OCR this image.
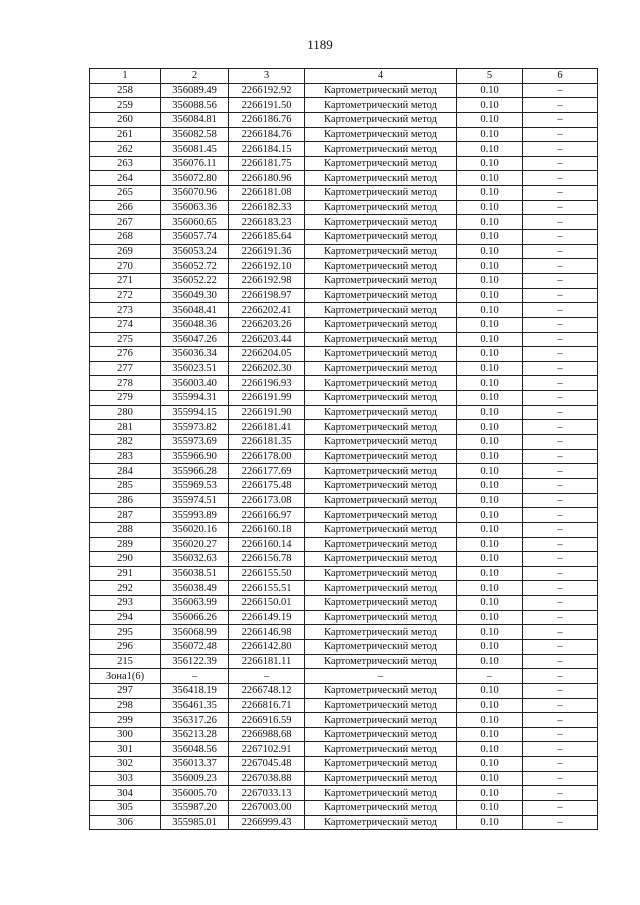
1189
1	2	3	4	5	6
258	356089.49	2266192.92	Картометрический метод	0.10	–
259	356088.56	2266191.50	Картометрический метод	0.10	–
260	356084.81	2266186.76	Картометрический метод	0.10	–
261	356082.58	2266184.76	Картометрический метод	0.10	–
262	356081.45	2266184.15	Картометрический метод	0.10	–
263	356076.11	2266181.75	Картометрический метод	0.10	–
264	356072.80	2266180.96	Картометрический метод	0.10	–
265	356070.96	2266181.08	Картометрический метод	0.10	–
266	356063.36	2266182.33	Картометрический метод	0.10	–
267	356060.65	2266183.23	Картометрический метод	0.10	–
268	356057.74	2266185.64	Картометрический метод	0.10	–
269	356053.24	2266191.36	Картометрический метод	0.10	–
270	356052.72	2266192.10	Картометрический метод	0.10	–
271	356052.22	2266192.98	Картометрический метод	0.10	–
272	356049.30	2266198.97	Картометрический метод	0.10	–
273	356048.41	2266202.41	Картометрический метод	0.10	–
274	356048.36	2266203.26	Картометрический метод	0.10	–
275	356047.26	2266203.44	Картометрический метод	0.10	–
276	356036.34	2266204.05	Картометрический метод	0.10	–
277	356023.51	2266202.30	Картометрический метод	0.10	–
278	356003.40	2266196.93	Картометрический метод	0.10	–
279	355994.31	2266191.99	Картометрический метод	0.10	–
280	355994.15	2266191.90	Картометрический метод	0.10	–
281	355973.82	2266181.41	Картометрический метод	0.10	–
282	355973.69	2266181.35	Картометрический метод	0.10	–
283	355966.90	2266178.00	Картометрический метод	0.10	–
284	355966.28	2266177.69	Картометрический метод	0.10	–
285	355969.53	2266175.48	Картометрический метод	0.10	–
286	355974.51	2266173.08	Картометрический метод	0.10	–
287	355993.89	2266166.97	Картометрический метод	0.10	–
288	356020.16	2266160.18	Картометрический метод	0.10	–
289	356020.27	2266160.14	Картометрический метод	0.10	–
290	356032.63	2266156.78	Картометрический метод	0.10	–
291	356038.51	2266155.50	Картометрический метод	0.10	–
292	356038.49	2266155.51	Картометрический метод	0.10	–
293	356063.99	2266150.01	Картометрический метод	0.10	–
294	356066.26	2266149.19	Картометрический метод	0.10	–
295	356068.99	2266146.98	Картометрический метод	0.10	–
296	356072.48	2266142.80	Картометрический метод	0.10	–
215	356122.39	2266181.11	Картометрический метод	0.10	–
Зона1(6)	–	–	–	–	–
297	356418.19	2266748.12	Картометрический метод	0.10	–
298	356461.35	2266816.71	Картометрический метод	0.10	–
299	356317.26	2266916.59	Картометрический метод	0.10	–
300	356213.28	2266988.68	Картометрический метод	0.10	–
301	356048.56	2267102.91	Картометрический метод	0.10	–
302	356013.37	2267045.48	Картометрический метод	0.10	–
303	356009.23	2267038.88	Картометрический метод	0.10	–
304	356005.70	2267033.13	Картометрический метод	0.10	–
305	355987.20	2267003.00	Картометрический метод	0.10	–
306	355985.01	2266999.43	Картометрический метод	0.10	–
